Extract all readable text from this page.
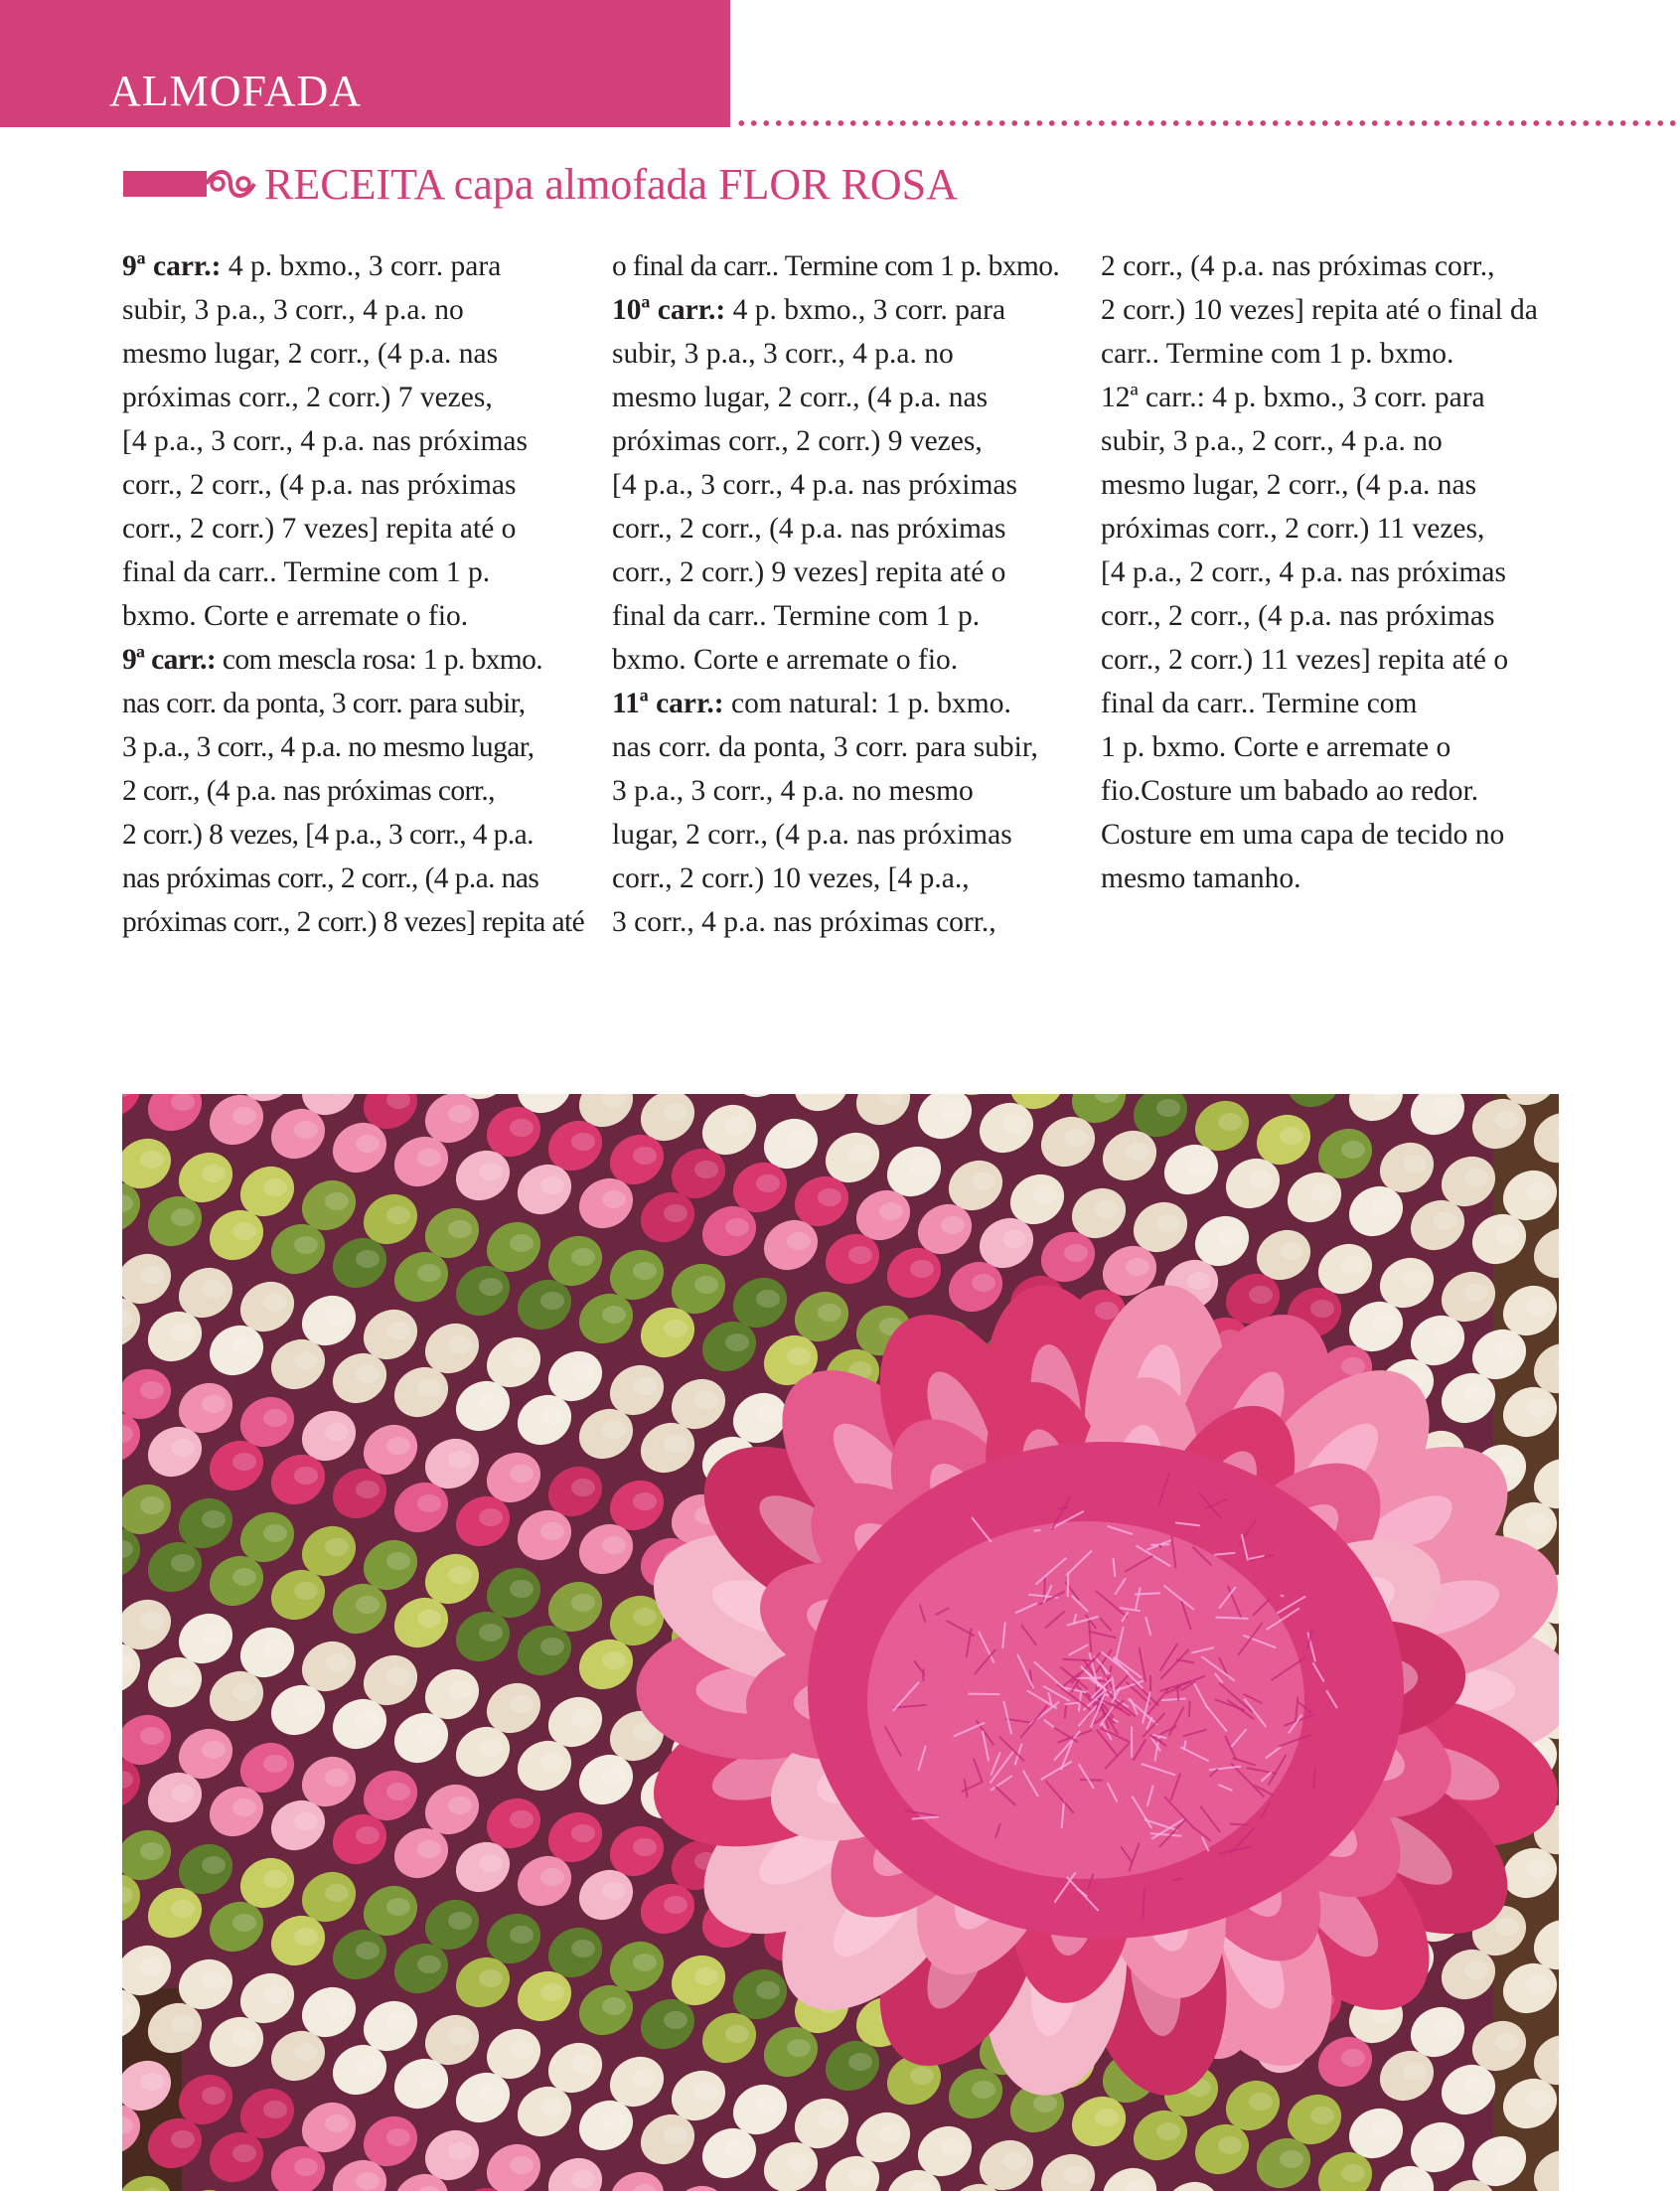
ALMOFADA
RECEITA capa almofada FLOR ROSA
9ª carr.: 4 p. bxmo., 3 corr. para
subir, 3 p.a., 3 corr., 4 p.a. no
mesmo lugar, 2 corr., (4 p.a. nas
próximas corr., 2 corr.) 7 vezes,
[4 p.a., 3 corr., 4 p.a. nas próximas
corr., 2 corr., (4 p.a. nas próximas
corr., 2 corr.) 7 vezes] repita até o
final da carr.. Termine com 1 p.
bxmo. Corte e arremate o fio.
9ª carr.: com mescla rosa: 1 p. bxmo.
nas corr. da ponta, 3 corr. para subir,
3 p.a., 3 corr., 4 p.a. no mesmo lugar,
2 corr., (4 p.a. nas próximas corr.,
2 corr.) 8 vezes, [4 p.a., 3 corr., 4 p.a.
nas próximas corr., 2 corr., (4 p.a. nas
próximas corr., 2 corr.) 8 vezes] repita até
o final da carr.. Termine com 1 p. bxmo.
10ª carr.: 4 p. bxmo., 3 corr. para
subir, 3 p.a., 3 corr., 4 p.a. no
mesmo lugar, 2 corr., (4 p.a. nas
próximas corr., 2 corr.) 9 vezes,
[4 p.a., 3 corr., 4 p.a. nas próximas
corr., 2 corr., (4 p.a. nas próximas
corr., 2 corr.) 9 vezes] repita até o
final da carr.. Termine com 1 p.
bxmo. Corte e arremate o fio.
11ª carr.: com natural: 1 p. bxmo.
nas corr. da ponta, 3 corr. para subir,
3 p.a., 3 corr., 4 p.a. no mesmo
lugar, 2 corr., (4 p.a. nas próximas
corr., 2 corr.) 10 vezes, [4 p.a.,
3 corr., 4 p.a. nas próximas corr.,
2 corr., (4 p.a. nas próximas corr.,
2 corr.) 10 vezes] repita até o final da
carr.. Termine com 1 p. bxmo.
12ª carr.: 4 p. bxmo., 3 corr. para
subir, 3 p.a., 2 corr., 4 p.a. no
mesmo lugar, 2 corr., (4 p.a. nas
próximas corr., 2 corr.) 11 vezes,
[4 p.a., 2 corr., 4 p.a. nas próximas
corr., 2 corr., (4 p.a. nas próximas
corr., 2 corr.) 11 vezes] repita até o
final da carr.. Termine com
1 p. bxmo. Corte e arremate o
fio.Costure um babado ao redor.
Costure em uma capa de tecido no
mesmo tamanho.
